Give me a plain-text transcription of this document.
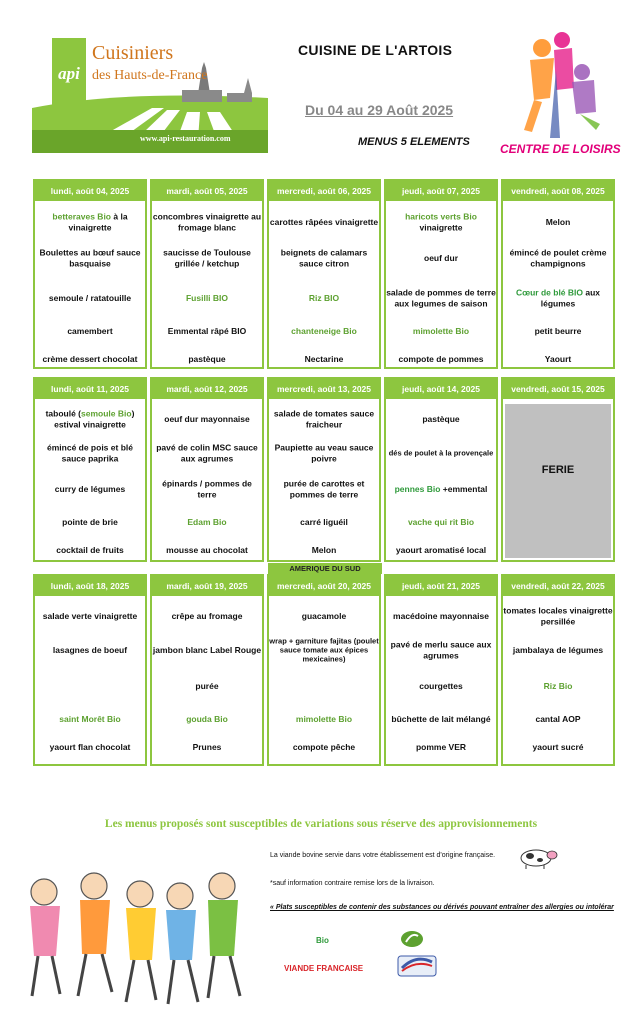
api
Cuisiniers
des Hauts-de-France
www.api-restauration.com
CUISINE DE L'ARTOIS
Du 04 au 29 Août 2025
MENUS 5 ELEMENTS	CENTRE DE LOISIRS
lundi, août 04, 2025
betteraves Bio à la vinaigrette
Boulettes au bœuf sauce basquaise
semoule / ratatouille
camembert
crème dessert chocolat
mardi, août 05, 2025
concombres vinaigrette au fromage blanc
saucisse de Toulouse grillée / ketchup
Fusilli BIO
Emmental râpé BIO
pastèque
mercredi, août 06, 2025
carottes râpées vinaigrette
beignets de calamars sauce citron
Riz BIO
chanteneige Bio
Nectarine
jeudi, août 07, 2025
haricots verts Bio vinaigrette
oeuf dur
salade de pommes de terre aux legumes de saison
mimolette Bio
compote de pommes
vendredi, août 08, 2025
Melon
émincé de poulet crème champignons
Cœur de blé BIO aux légumes
petit beurre
Yaourt
lundi, août 11, 2025
taboulé (semoule Bio) estival vinaigrette
émincé de pois et blé sauce paprika
curry de légumes
pointe de brie
cocktail de fruits
mardi, août 12, 2025
oeuf dur mayonnaise
pavé de colin MSC sauce aux agrumes
épinards / pommes de terre
Edam Bio
mousse au chocolat
mercredi, août 13, 2025
salade de tomates sauce fraicheur
Paupiette au veau sauce poivre
purée de carottes et pommes de terre
carré liguéil
Melon
jeudi, août 14, 2025
pastèque
dés de poulet à la provençale
pennes Bio +emmental
vache qui rit Bio
yaourt aromatisé local
vendredi, août 15, 2025
FERIE
lundi, août 18, 2025
salade verte vinaigrette
lasagnes de boeuf
saint Morêt Bio
yaourt flan chocolat
mardi, août 19, 2025
crêpe au fromage
jambon blanc Label Rouge
purée
gouda Bio
Prunes
mercredi, août 20, 2025
guacamole
wrap + garniture fajitas (poulet sauce tomate aux épices mexicaines)
mimolette Bio
compote pêche
jeudi, août 21, 2025
macédoine mayonnaise
pavé de merlu sauce aux agrumes
courgettes
bûchette de lait mélangé
pomme VER
vendredi, août 22, 2025
tomates locales vinaigrette persillée
jambalaya de légumes
Riz Bio
cantal AOP
yaourt sucré
AMERIQUE DU SUD
Les menus proposés sont susceptibles de variations sous réserve des approvisionnements
La viande bovine servie dans votre établissement est d'origine française.
*sauf information contraire remise lors de la livraison.
« Plats susceptibles de contenir des substances ou dérivés pouvant entraîner des allergies ou intolérar
Bio
VIANDE FRANCAISE
